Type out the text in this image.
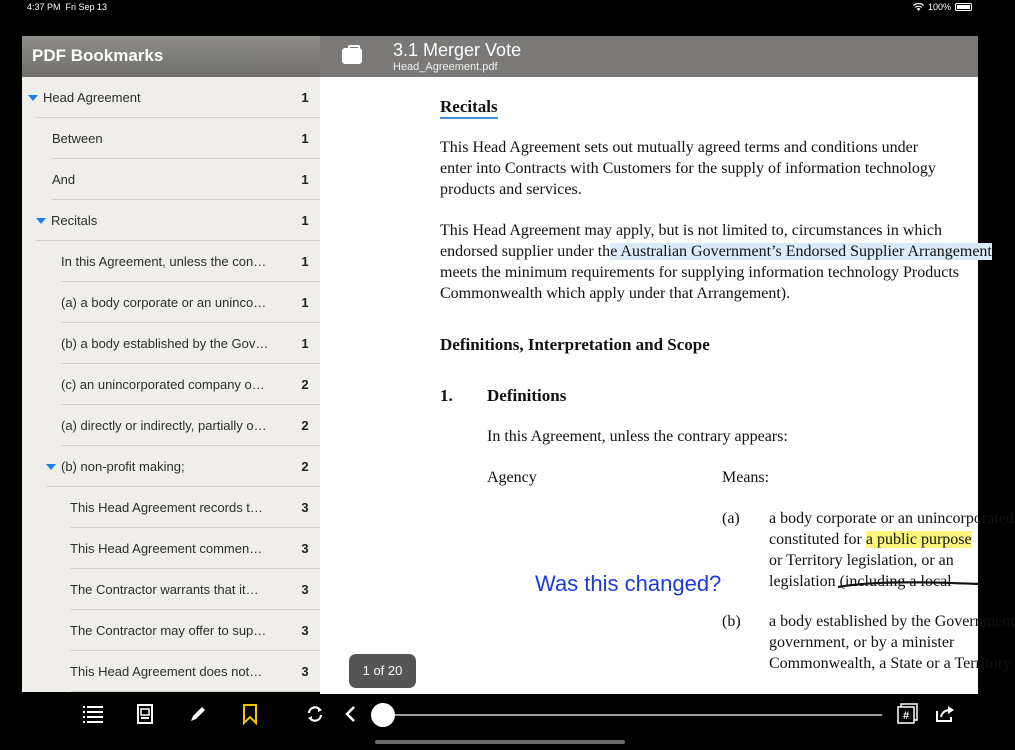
4:37 PM Fri Sep 13	100%
PDF Bookmarks
Head Agreement	1
Between	1
And	1
Recitals	1
In this Agreement, unless the con…	1
(a) a body corporate or an uninco…	1
(b) a body established by the Gov…	1
(c) an unincorporated company o…	2
(a) directly or indirectly, partially o…	2
(b) non-profit making;	2
This Head Agreement records t…	3
This Head Agreement commen…	3
The Contractor warrants that it…	3
The Contractor may offer to sup…	3
This Head Agreement does not…	3
3.1 Merger Vote
Head_Agreement.pdf

Recitals

This Head Agreement sets out mutually agreed terms and conditions under

enter into Contracts with Customers for the supply of information technology

products and services.

This Head Agreement may apply, but is not limited to, circumstances in which

endorsed supplier under the Australian Government’s Endorsed Supplier Arrangement

meets the minimum requirements for supplying information technology Products

Commonwealth which apply under that Arrangement).

Definitions, Interpretation and Scope

1. Definitions

In this Agreement, unless the contrary appears:

Agency	Means:

(a) a body corporate or an unincorporated

constituted for a public purpose

or Territory legislation, or an

legislation (including a local

(b) a body established by the Government

government, or by a minister

Commonwealth, a State or a Territory

Was this changed?
1 of 20
#
